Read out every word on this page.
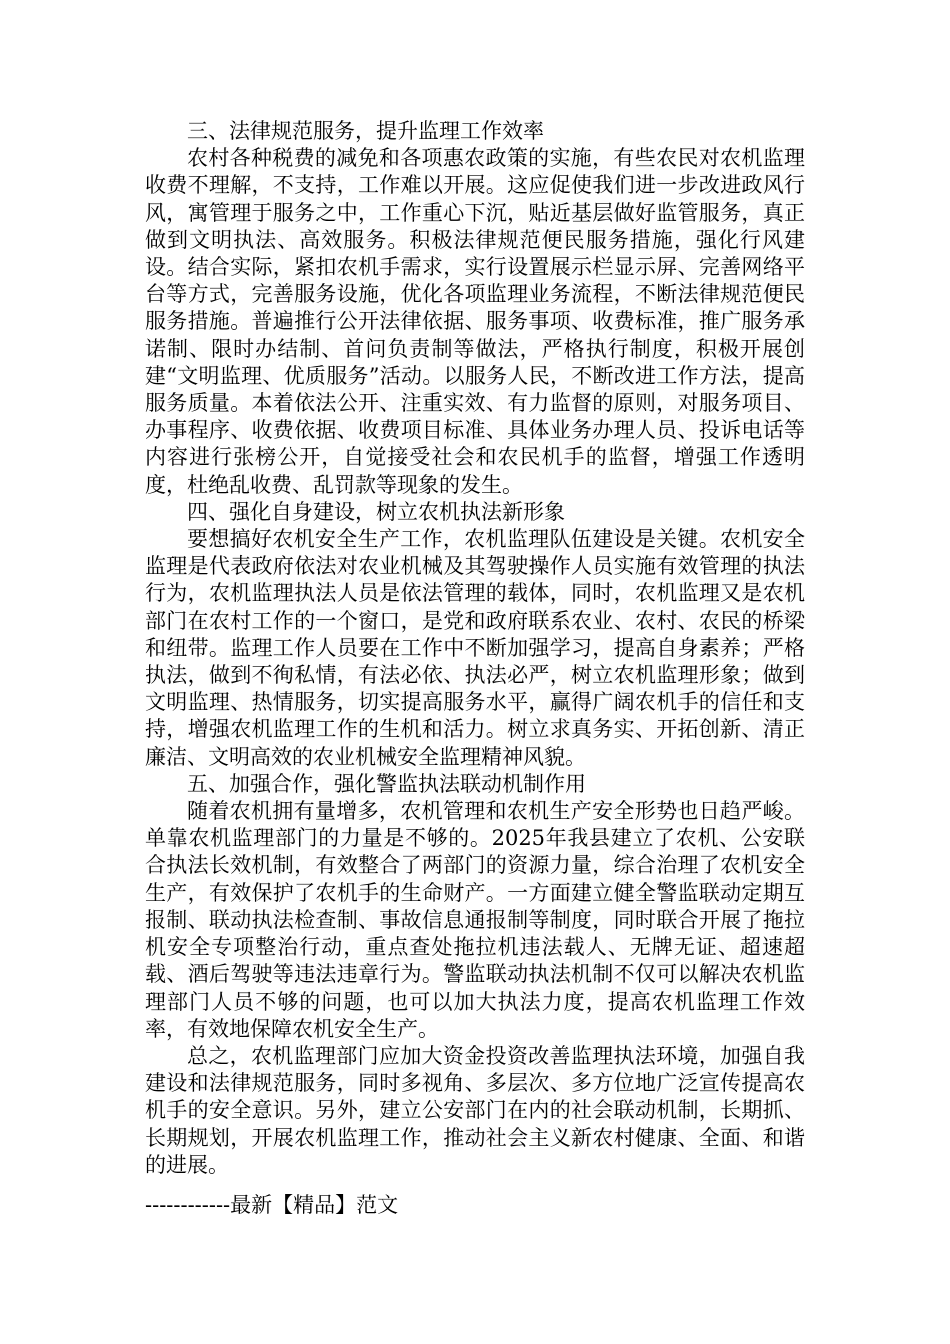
三、法律规范服务，提升监理工作效率

农村各种税费的减免和各项惠农政策的实施，有些农民对农机监理收费不理解，不支持，工作难以开展。这应促使我们进一步改进政风行风，寓管理于服务之中，工作重心下沉，贴近基层做好监管服务，真正做到文明执法、高效服务。积极法律规范便民服务措施，强化行风建设。结合实际，紧扣农机手需求，实行设置展示栏显示屏、完善网络平台等方式，完善服务设施，优化各项监理业务流程，不断法律规范便民服务措施。普遍推行公开法律依据、服务事项、收费标准，推广服务承诺制、限时办结制、首问负责制等做法，严格执行制度，积极开展创建“文明监理、优质服务”活动。以服务人民，不断改进工作方法，提高服务质量。本着依法公开、注重实效、有力监督的原则，对服务项目、办事程序、收费依据、收费项目标准、具体业务办理人员、投诉电话等内容进行张榜公开，自觉接受社会和农民机手的监督，增强工作透明度，杜绝乱收费、乱罚款等现象的发生。

四、强化自身建设，树立农机执法新形象

要想搞好农机安全生产工作，农机监理队伍建设是关键。农机安全监理是代表政府依法对农业机械及其驾驶操作人员实施有效管理的执法行为，农机监理执法人员是依法管理的载体，同时，农机监理又是农机部门在农村工作的一个窗口，是党和政府联系农业、农村、农民的桥梁和纽带。监理工作人员要在工作中不断加强学习，提高自身素养；严格执法，做到不徇私情，有法必依、执法必严，树立农机监理形象；做到文明监理、热情服务，切实提高服务水平，赢得广阔农机手的信任和支持，增强农机监理工作的生机和活力。树立求真务实、开拓创新、清正廉洁、文明高效的农业机械安全监理精神风貌。

五、加强合作，强化警监执法联动机制作用

随着农机拥有量增多，农机管理和农机生产安全形势也日趋严峻。单靠农机监理部门的力量是不够的。2025年我县建立了农机、公安联合执法长效机制，有效整合了两部门的资源力量，综合治理了农机安全生产，有效保护了农机手的生命财产。一方面建立健全警监联动定期互报制、联动执法检查制、事故信息通报制等制度，同时联合开展了拖拉机安全专项整治行动，重点查处拖拉机违法载人、无牌无证、超速超载、酒后驾驶等违法违章行为。警监联动执法机制不仅可以解决农机监理部门人员不够的问题，也可以加大执法力度，提高农机监理工作效率，有效地保障农机安全生产。

总之，农机监理部门应加大资金投资改善监理执法环境，加强自我建设和法律规范服务，同时多视角、多层次、多方位地广泛宣传提高农机手的安全意识。另外，建立公安部门在内的社会联动机制，长期抓、长期规划，开展农机监理工作，推动社会主义新农村健康、全面、和谐的进展。

------------最新【精品】范文
